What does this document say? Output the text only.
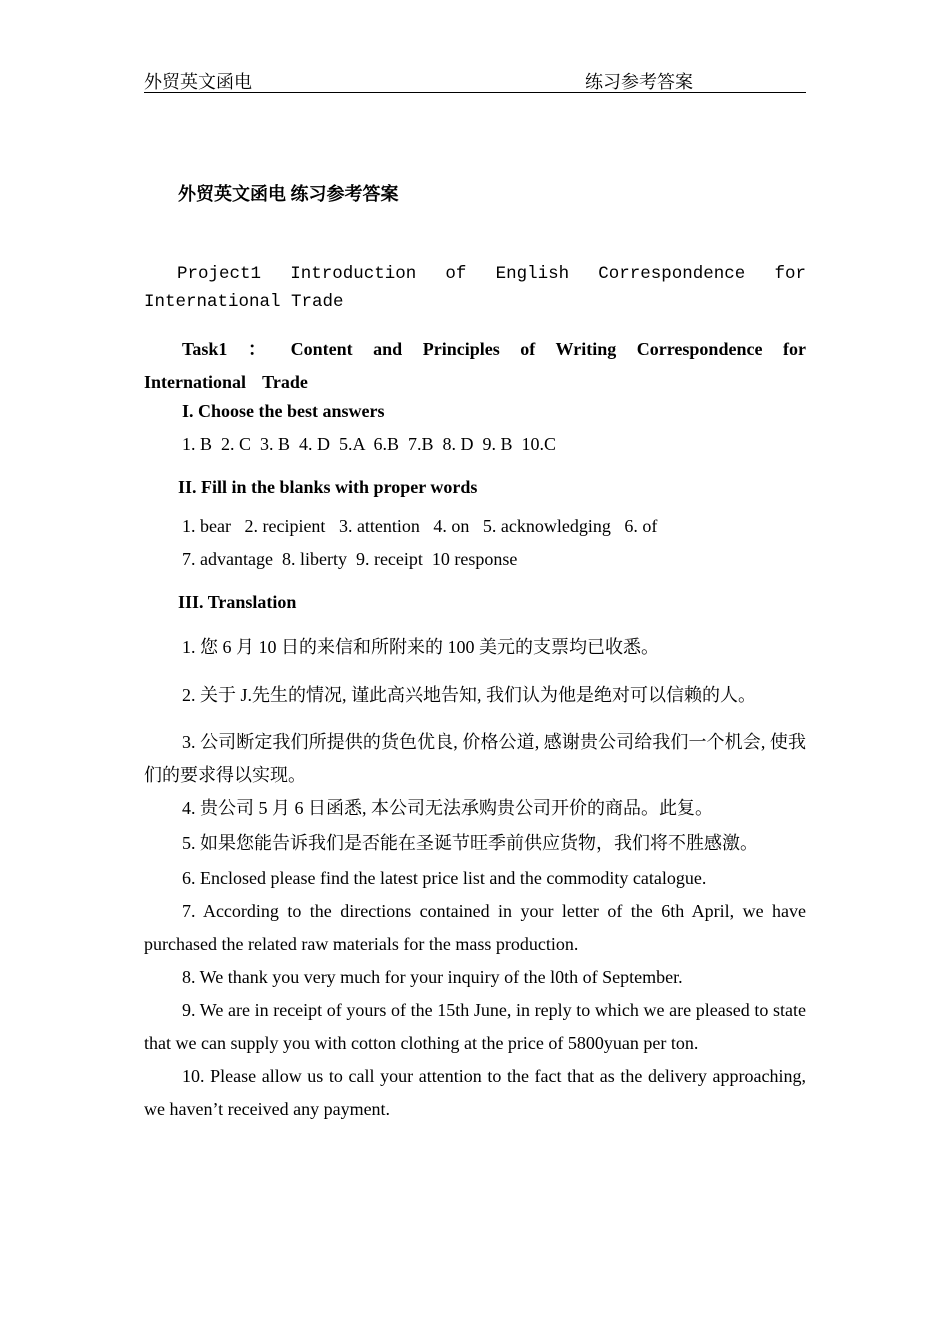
外贸英文函电	练习参考答案
外贸英文函电 练习参考答案
Project1 Introduction of English Correspondence for International Trade
Task1 ： Content and Principles of Writing Correspondence for International Trade
I. Choose the best answers
1. B  2. C  3. B  4. D  5.A  6.B  7.B  8. D  9. B  10.C
II. Fill in the blanks with proper words
1. bear   2. recipient   3. attention   4. on   5. acknowledging   6. of
7. advantage  8. liberty  9. receipt  10 response
III. Translation
1. 您 6 月 10 日的来信和所附来的 100 美元的支票均已收悉。
2. 关于 J.先生的情况, 谨此高兴地告知, 我们认为他是绝对可以信赖的人。
3. 公司断定我们所提供的货色优良, 价格公道, 感谢贵公司给我们一个机会, 使我们的要求得以实现。
4. 贵公司 5 月 6 日函悉, 本公司无法承购贵公司开价的商品。此复。
5. 如果您能告诉我们是否能在圣诞节旺季前供应货物，我们将不胜感激。
6. Enclosed please find the latest price list and the commodity catalogue.
7. According to the directions contained in your letter of the 6th April, we have purchased the related raw materials for the mass production.
8. We thank you very much for your inquiry of the l0th of September.
9. We are in receipt of yours of the 15th June, in reply to which we are pleased to state that we can supply you with cotton clothing at the price of 5800yuan per ton.
10. Please allow us to call your attention to the fact that as the delivery approaching, we haven’t received any payment.
